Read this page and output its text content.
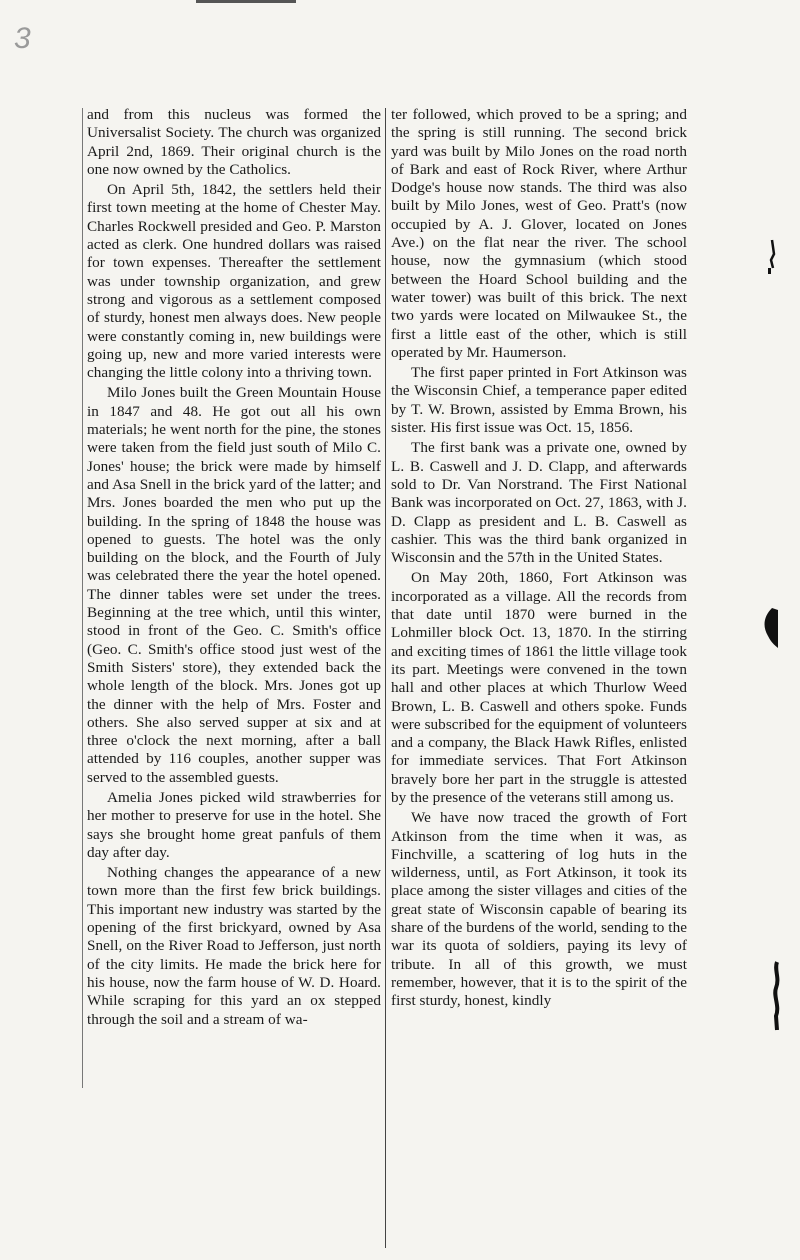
3

and from this nucleus was formed the Universalist Society. The church was organized April 2nd, 1869. Their original church is the one now owned by the Catholics.

On April 5th, 1842, the settlers held their first town meeting at the home of Chester May. Charles Rockwell presided and Geo. P. Marston acted as clerk. One hundred dollars was raised for town expenses. Thereafter the settlement was under township organization, and grew strong and vigorous as a settlement composed of sturdy, honest men always does. New people were constantly coming in, new buildings were going up, new and more varied interests were changing the little colony into a thriving town.

Milo Jones built the Green Mountain House in 1847 and 48. He got out all his own materials; he went north for the pine, the stones were taken from the field just south of Milo C. Jones' house; the brick were made by himself and Asa Snell in the brick yard of the latter; and Mrs. Jones boarded the men who put up the building. In the spring of 1848 the house was opened to guests. The hotel was the only building on the block, and the Fourth of July was celebrated there the year the hotel opened. The dinner tables were set under the trees. Beginning at the tree which, until this winter, stood in front of the Geo. C. Smith's office (Geo. C. Smith's office stood just west of the Smith Sisters' store), they extended back the whole length of the block. Mrs. Jones got up the dinner with the help of Mrs. Foster and others. She also served supper at six and at three o'clock the next morning, after a ball attended by 116 couples, another supper was served to the assembled guests.

Amelia Jones picked wild strawberries for her mother to preserve for use in the hotel. She says she brought home great panfuls of them day after day.

Nothing changes the appearance of a new town more than the first few brick buildings. This important new industry was started by the opening of the first brickyard, owned by Asa Snell, on the River Road to Jefferson, just north of the city limits. He made the brick here for his house, now the farm house of W. D. Hoard. While scraping for this yard an ox stepped through the soil and a stream of wa-

ter followed, which proved to be a spring; and the spring is still running. The second brick yard was built by Milo Jones on the road north of Bark and east of Rock River, where Arthur Dodge's house now stands. The third was also built by Milo Jones, west of Geo. Pratt's (now occupied by A. J. Glover, located on Jones Ave.) on the flat near the river. The school house, now the gymnasium (which stood between the Hoard School building and the water tower) was built of this brick. The next two yards were located on Milwaukee St., the first a little east of the other, which is still operated by Mr. Haumerson.

The first paper printed in Fort Atkinson was the Wisconsin Chief, a temperance paper edited by T. W. Brown, assisted by Emma Brown, his sister. His first issue was Oct. 15, 1856.

The first bank was a private one, owned by L. B. Caswell and J. D. Clapp, and afterwards sold to Dr. Van Norstrand. The First National Bank was incorporated on Oct. 27, 1863, with J. D. Clapp as president and L. B. Caswell as cashier. This was the third bank organized in Wisconsin and the 57th in the United States.

On May 20th, 1860, Fort Atkinson was incorporated as a village. All the records from that date until 1870 were burned in the Lohmiller block Oct. 13, 1870. In the stirring and exciting times of 1861 the little village took its part. Meetings were convened in the town hall and other places at which Thurlow Weed Brown, L. B. Caswell and others spoke. Funds were subscribed for the equipment of volunteers and a company, the Black Hawk Rifles, enlisted for immediate services. That Fort Atkinson bravely bore her part in the struggle is attested by the presence of the veterans still among us.

We have now traced the growth of Fort Atkinson from the time when it was, as Finchville, a scattering of log huts in the wilderness, until, as Fort Atkinson, it took its place among the sister villages and cities of the great state of Wisconsin capable of bearing its share of the burdens of the world, sending to the war its quota of soldiers, paying its levy of tribute. In all of this growth, we must remember, however, that it is to the spirit of the first sturdy, honest, kindly
